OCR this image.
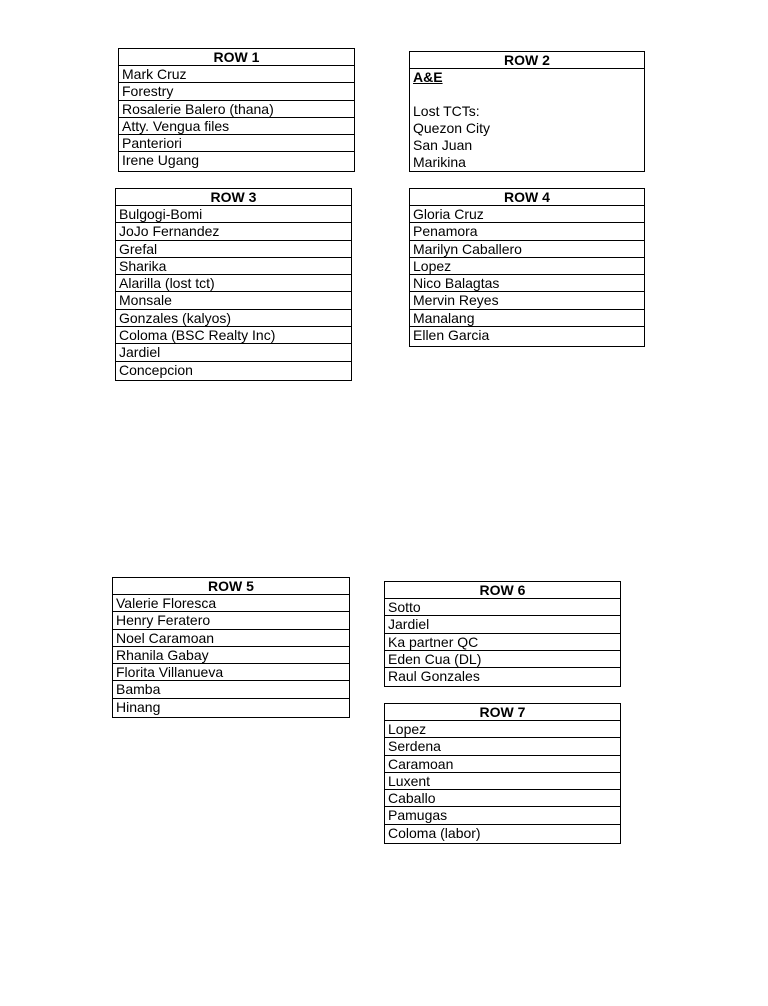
ROW 1
Mark Cruz
Forestry
Rosalerie Balero (thana)
Atty. Vengua files
Panteriori
Irene Ugang
ROW 2
A&E
Lost TCTs:
Quezon City
San Juan
Marikina
ROW 3
Bulgogi-Bomi
JoJo Fernandez
Grefal
Sharika
Alarilla (lost tct)
Monsale
Gonzales (kalyos)
Coloma (BSC Realty Inc)
Jardiel
Concepcion
ROW 4
Gloria Cruz
Penamora
Marilyn Caballero
Lopez
Nico Balagtas
Mervin Reyes
Manalang
Ellen Garcia
ROW 5
Valerie Floresca
Henry Feratero
Noel Caramoan
Rhanila Gabay
Florita Villanueva
Bamba
Hinang
ROW 6
Sotto
Jardiel
Ka partner QC
Eden Cua (DL)
Raul Gonzales
ROW 7
Lopez
Serdena
Caramoan
Luxent
Caballo
Pamugas
Coloma (labor)
